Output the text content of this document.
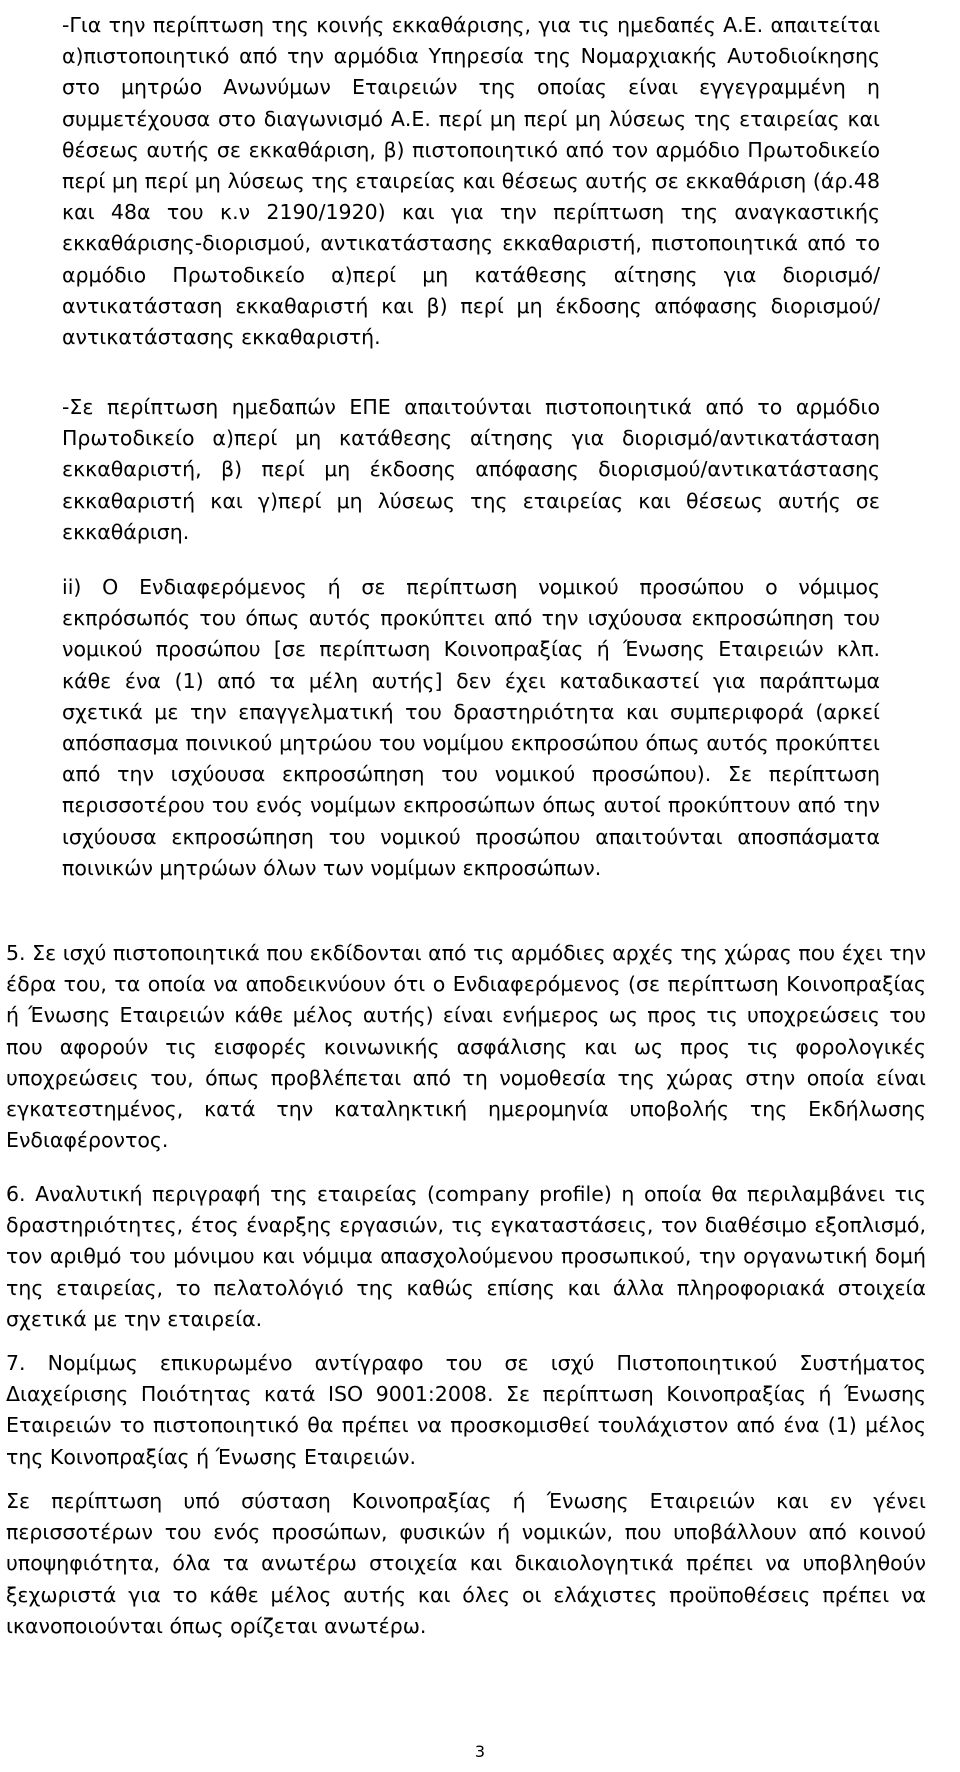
-Για την περίπτωση της κοινής εκκαθάρισης, για τις ημεδαπές Α.Ε. απαιτείται α)πιστοποιητικό από την αρμόδια Υπηρεσία της Νομαρχιακής Αυτοδιοίκησης στο μητρώο Ανωνύμων Εταιρειών της οποίας είναι εγγεγραμμένη η συμμετέχουσα στο διαγωνισμό Α.Ε. περί μη περί μη λύσεως της εταιρείας και θέσεως αυτής σε εκκαθάριση, β) πιστοποιητικό από τον αρμόδιο Πρωτοδικείο περί μη περί μη λύσεως της εταιρείας και θέσεως αυτής σε εκκαθάριση (άρ.48 και 48α του κ.ν 2190/1920) και για την περίπτωση της αναγκαστικής εκκαθάρισης-διορισμού, αντικατάστασης εκκαθαριστή, πιστοποιητικά από το αρμόδιο Πρωτοδικείο α)περί μη κατάθεσης αίτησης για διορισμό/αντικατάσταση εκκαθαριστή και β) περί μη έκδοσης απόφασης διορισμού/αντικατάστασης εκκαθαριστή.

-Σε περίπτωση ημεδαπών ΕΠΕ απαιτούνται πιστοποιητικά από το αρμόδιο Πρωτοδικείο α)περί μη κατάθεσης αίτησης για διορισμό/αντικατάσταση εκκαθαριστή, β) περί μη έκδοσης απόφασης διορισμού/αντικατάστασης εκκαθαριστή και γ)περί μη λύσεως της εταιρείας και θέσεως αυτής σε εκκαθάριση.

ii) Ο Ενδιαφερόμενος ή σε περίπτωση νομικού προσώπου ο νόμιμος εκπρόσωπός του όπως αυτός προκύπτει από την ισχύουσα εκπροσώπηση του νομικού προσώπου [σε περίπτωση Κοινοπραξίας ή Ένωσης Εταιρειών κλπ. κάθε ένα (1) από τα μέλη αυτής] δεν έχει καταδικαστεί για παράπτωμα σχετικά με την επαγγελματική του δραστηριότητα και συμπεριφορά (αρκεί απόσπασμα ποινικού μητρώου του νομίμου εκπροσώπου όπως αυτός προκύπτει από την ισχύουσα εκπροσώπηση του νομικού προσώπου). Σε περίπτωση περισσοτέρου του ενός νομίμων εκπροσώπων όπως αυτοί προκύπτουν από την ισχύουσα εκπροσώπηση του νομικού προσώπου απαιτούνται αποσπάσματα ποινικών μητρώων όλων των νομίμων εκπροσώπων.

5. Σε ισχύ πιστοποιητικά που εκδίδονται από τις αρμόδιες αρχές της χώρας που έχει την έδρα του, τα οποία να αποδεικνύουν ότι ο Ενδιαφερόμενος (σε περίπτωση Κοινοπραξίας ή Ένωσης Εταιρειών κάθε μέλος αυτής) είναι ενήμερος ως προς τις υποχρεώσεις του που αφορούν τις εισφορές κοινωνικής ασφάλισης και ως προς τις φορολογικές υποχρεώσεις του, όπως προβλέπεται από τη νομοθεσία της χώρας στην οποία είναι εγκατεστημένος, κατά την καταληκτική ημερομηνία υποβολής της Εκδήλωσης Ενδιαφέροντος.

6. Αναλυτική περιγραφή της εταιρείας (company profile) η οποία θα περιλαμβάνει τις δραστηριότητες, έτος έναρξης εργασιών, τις εγκαταστάσεις, τον διαθέσιμο εξοπλισμό, τον αριθμό του μόνιμου και νόμιμα απασχολούμενου προσωπικού, την οργανωτική δομή της εταιρείας, το πελατολόγιό της καθώς επίσης και άλλα πληροφοριακά στοιχεία σχετικά με την εταιρεία.

7. Νομίμως επικυρωμένο αντίγραφο του σε ισχύ Πιστοποιητικού Συστήματος Διαχείρισης Ποιότητας κατά ISO 9001:2008. Σε περίπτωση Κοινοπραξίας ή Ένωσης Εταιρειών το πιστοποιητικό θα πρέπει να προσκομισθεί τουλάχιστον από ένα (1) μέλος της Κοινοπραξίας ή Ένωσης Εταιρειών.

Σε περίπτωση υπό σύσταση Κοινοπραξίας ή Ένωσης Εταιρειών και εν γένει περισσοτέρων του ενός προσώπων, φυσικών ή νομικών, που υποβάλλουν από κοινού υποψηφιότητα, όλα τα ανωτέρω στοιχεία και δικαιολογητικά πρέπει να υποβληθούν ξεχωριστά για το κάθε μέλος αυτής και όλες οι ελάχιστες προϋποθέσεις πρέπει να ικανοποιούνται όπως ορίζεται ανωτέρω.

3
